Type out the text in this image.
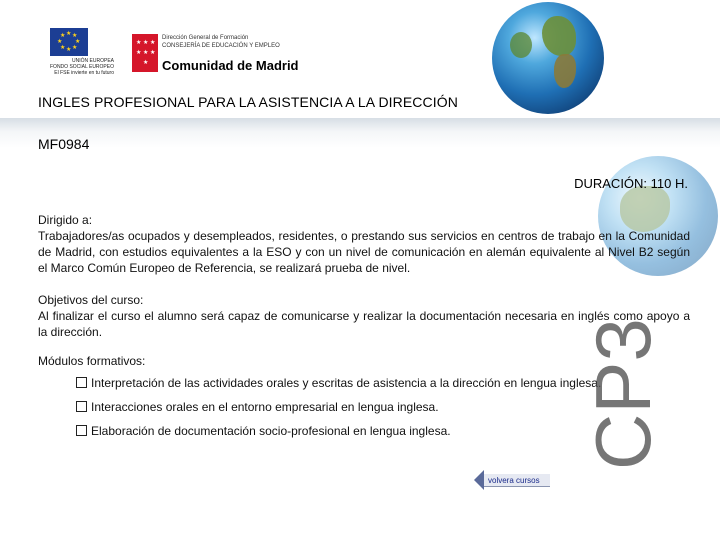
★ ★
★
★
★
★
★
★
UNIÓN EUROPEA
FONDO SOCIAL EUROPEO
El FSE invierte en tu futuro
★ ★ ★
★ ★ ★
★
Dirección General de Formación
CONSEJERÍA DE EDUCACIÓN Y EMPLEO
Comunidad de Madrid
INGLES PROFESIONAL PARA LA ASISTENCIA A LA DIRECCIÓN
MF0984
DURACIÓN: 110 H.
Dirigido a:
Trabajadores/as ocupados y desempleados, residentes, o prestando sus servicios en centros de trabajo en la Comunidad de Madrid, con estudios equivalentes a la ESO y con un nivel de comunicación en alemán equivalente al Nivel B2 según el Marco Común Europeo de Referencia, se realizará prueba de nivel.
Objetivos del curso:
Al finalizar el curso el alumno será capaz de comunicarse y realizar la documentación necesaria en inglés como apoyo a la dirección.
Módulos formativos:
Interpretación de las actividades orales y escritas de asistencia a la dirección en lengua inglesa.
Interacciones orales en el entorno empresarial en lengua inglesa.
Elaboración de documentación socio-profesional en lengua inglesa. CP3
volvera cursos
